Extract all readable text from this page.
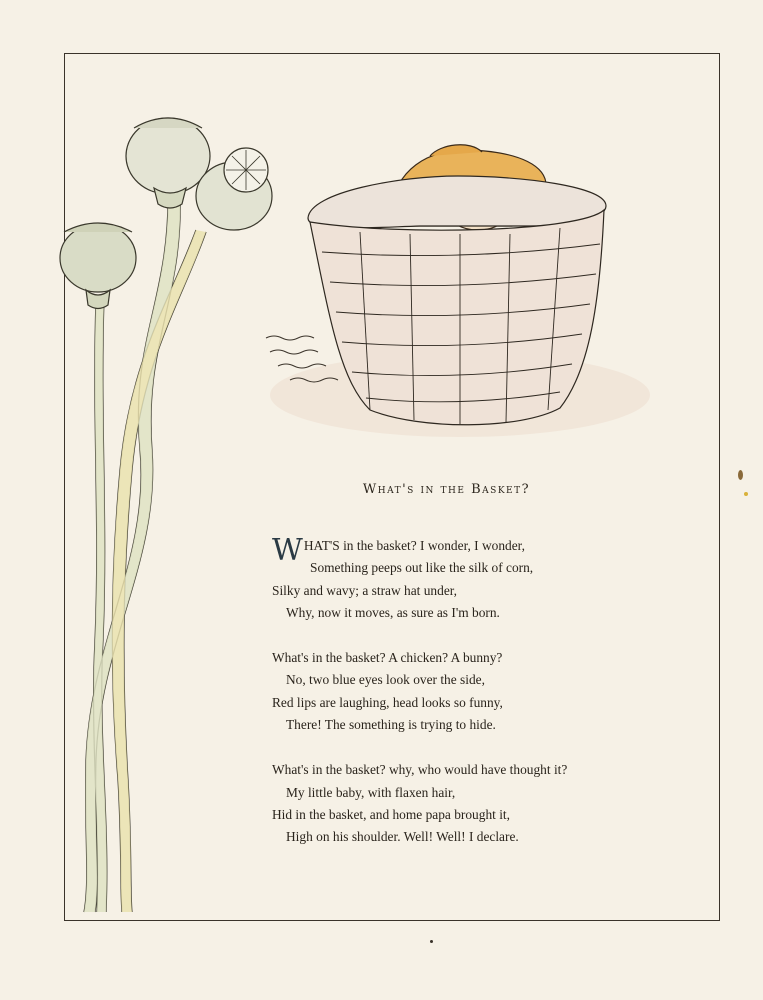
What's in the Basket?
W HAT'S in the basket? I wonder, I wonder,
Something peeps out like the silk of corn,
Silky and wavy; a straw hat under,
Why, now it moves, as sure as I'm born.
What's in the basket? A chicken? A bunny?
No, two blue eyes look over the side,
Red lips are laughing, head looks so funny,
There! The something is trying to hide.
What's in the basket? why, who would have thought it?
My little baby, with flaxen hair,
Hid in the basket, and home papa brought it,
High on his shoulder. Well! Well! I declare.
